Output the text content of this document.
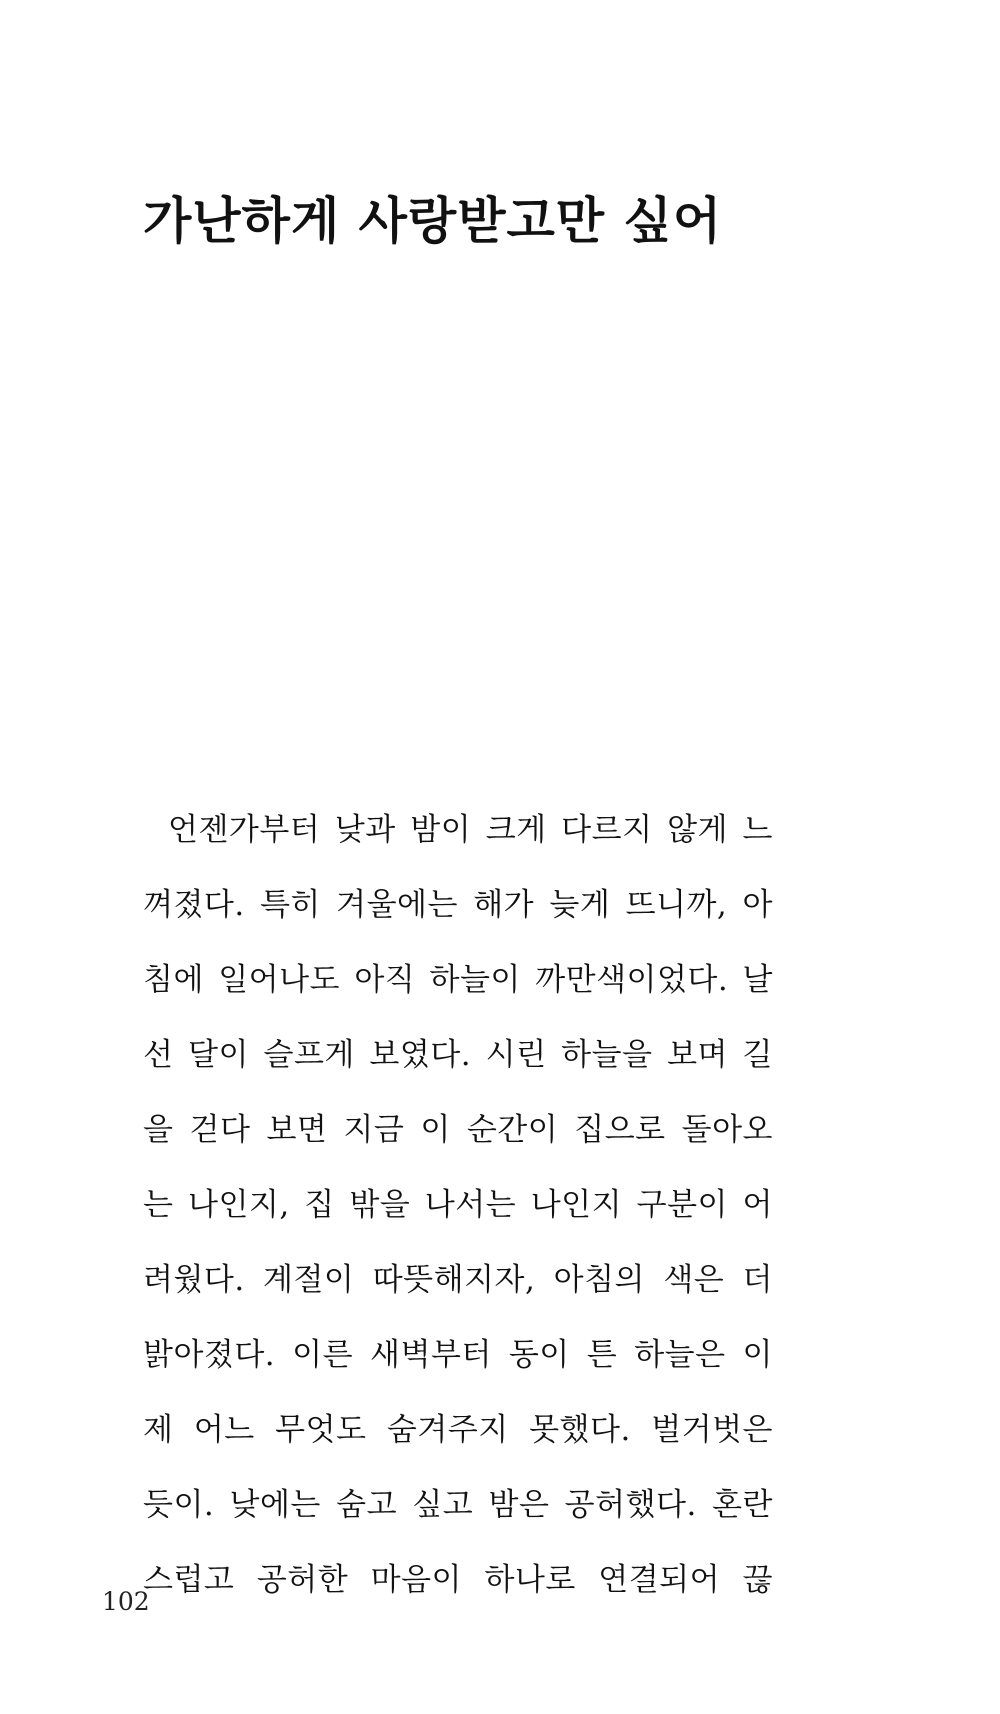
가난하게 사랑받고만 싶어
언젠가부터 낮과 밤이 크게 다르지 않게 느
껴졌다. 특히 겨울에는 해가 늦게 뜨니까, 아
침에 일어나도 아직 하늘이 까만색이었다. 날
선 달이 슬프게 보였다. 시린 하늘을 보며 길
을 걷다 보면 지금 이 순간이 집으로 돌아오
는 나인지, 집 밖을 나서는 나인지 구분이 어
려웠다. 계절이 따뜻해지자, 아침의 색은 더
밝아졌다. 이른 새벽부터 동이 튼 하늘은 이
제 어느 무엇도 숨겨주지 못했다. 벌거벗은
듯이. 낮에는 숨고 싶고 밤은 공허했다. 혼란
스럽고 공허한 마음이 하나로 연결되어 끊
102
